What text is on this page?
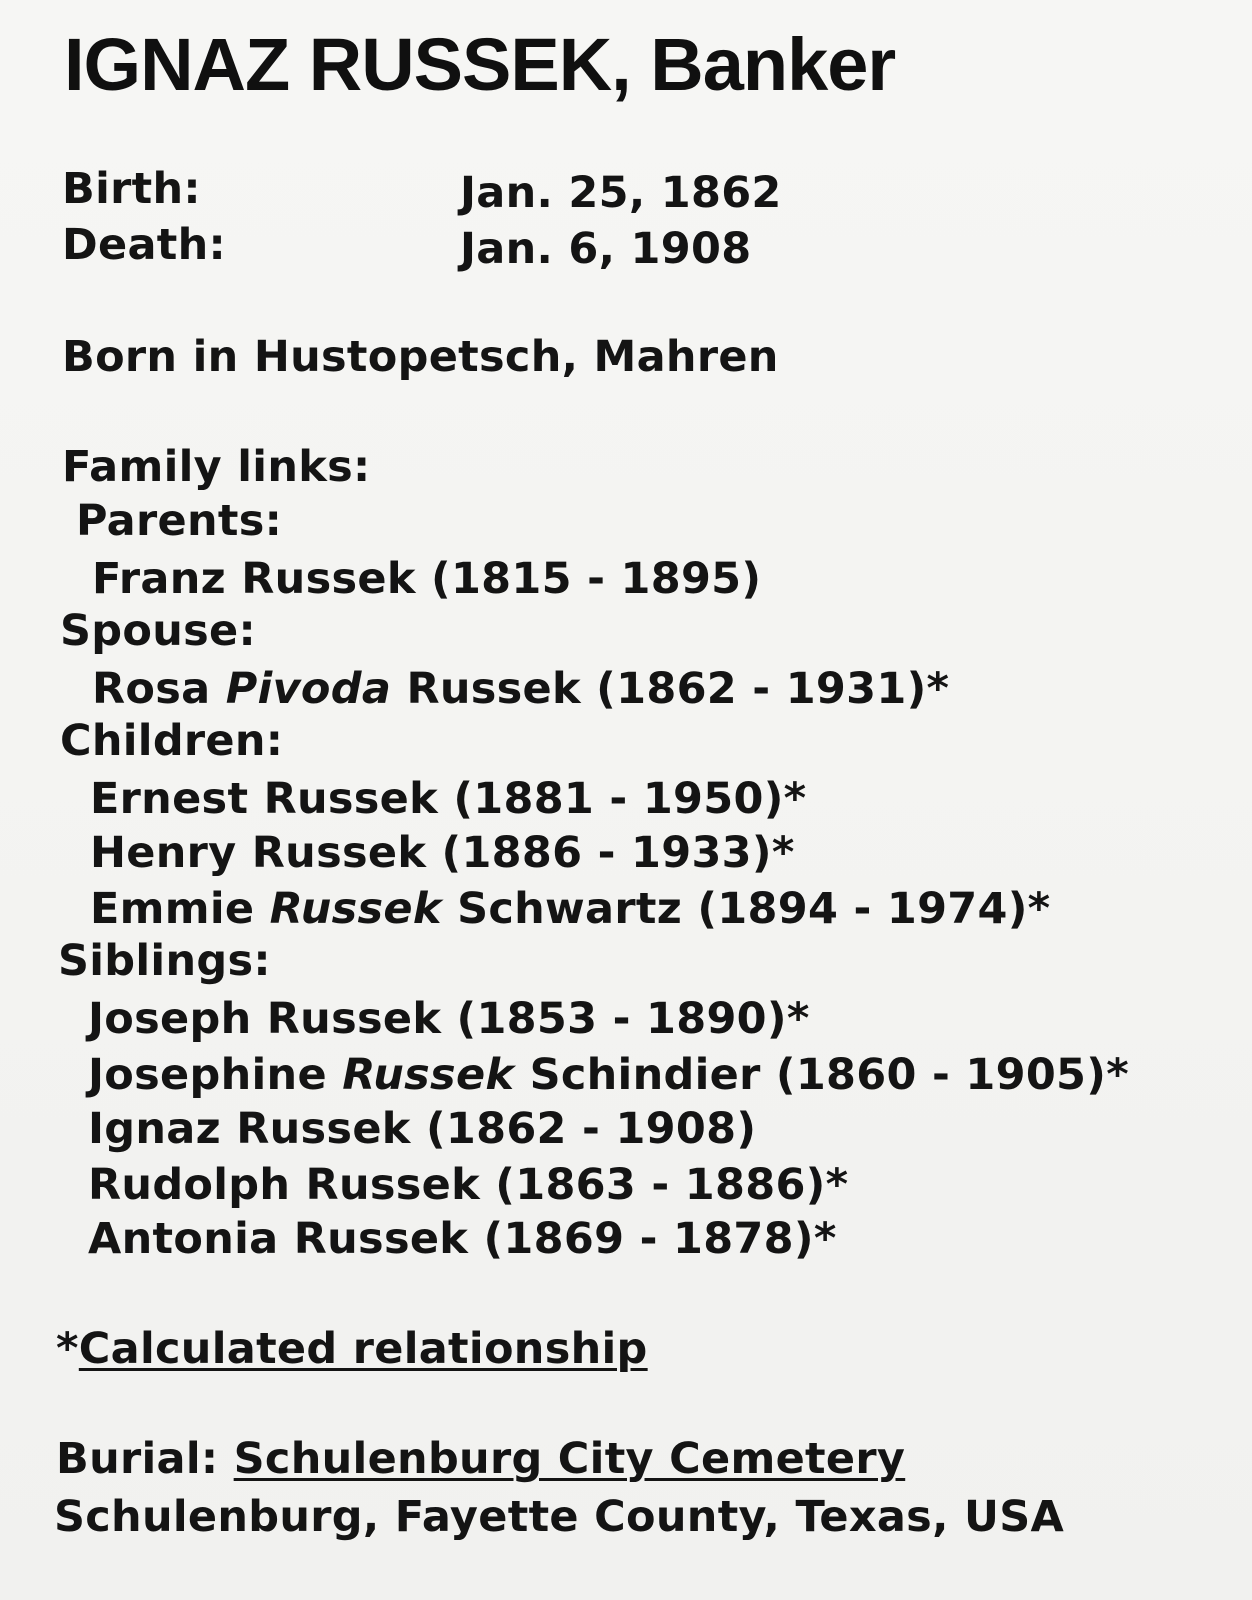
IGNAZ RUSSEK, Banker
Birth:	Jan. 25, 1862
Death:	Jan. 6, 1908
Born in Hustopetsch, Mahren
Family links:
Parents:
Franz Russek (1815 - 1895)
Spouse:
Rosa Pivoda Russek (1862 - 1931)*
Children:
Ernest Russek (1881 - 1950)*
Henry Russek (1886 - 1933)*
Emmie Russek Schwartz (1894 - 1974)*
Siblings:
Joseph Russek (1853 - 1890)*
Josephine Russek Schindier (1860 - 1905)*
Ignaz Russek (1862 - 1908)
Rudolph Russek (1863 - 1886)*
Antonia Russek (1869 - 1878)*
*Calculated relationship
Burial: Schulenburg City Cemetery
Schulenburg, Fayette County, Texas, USA
